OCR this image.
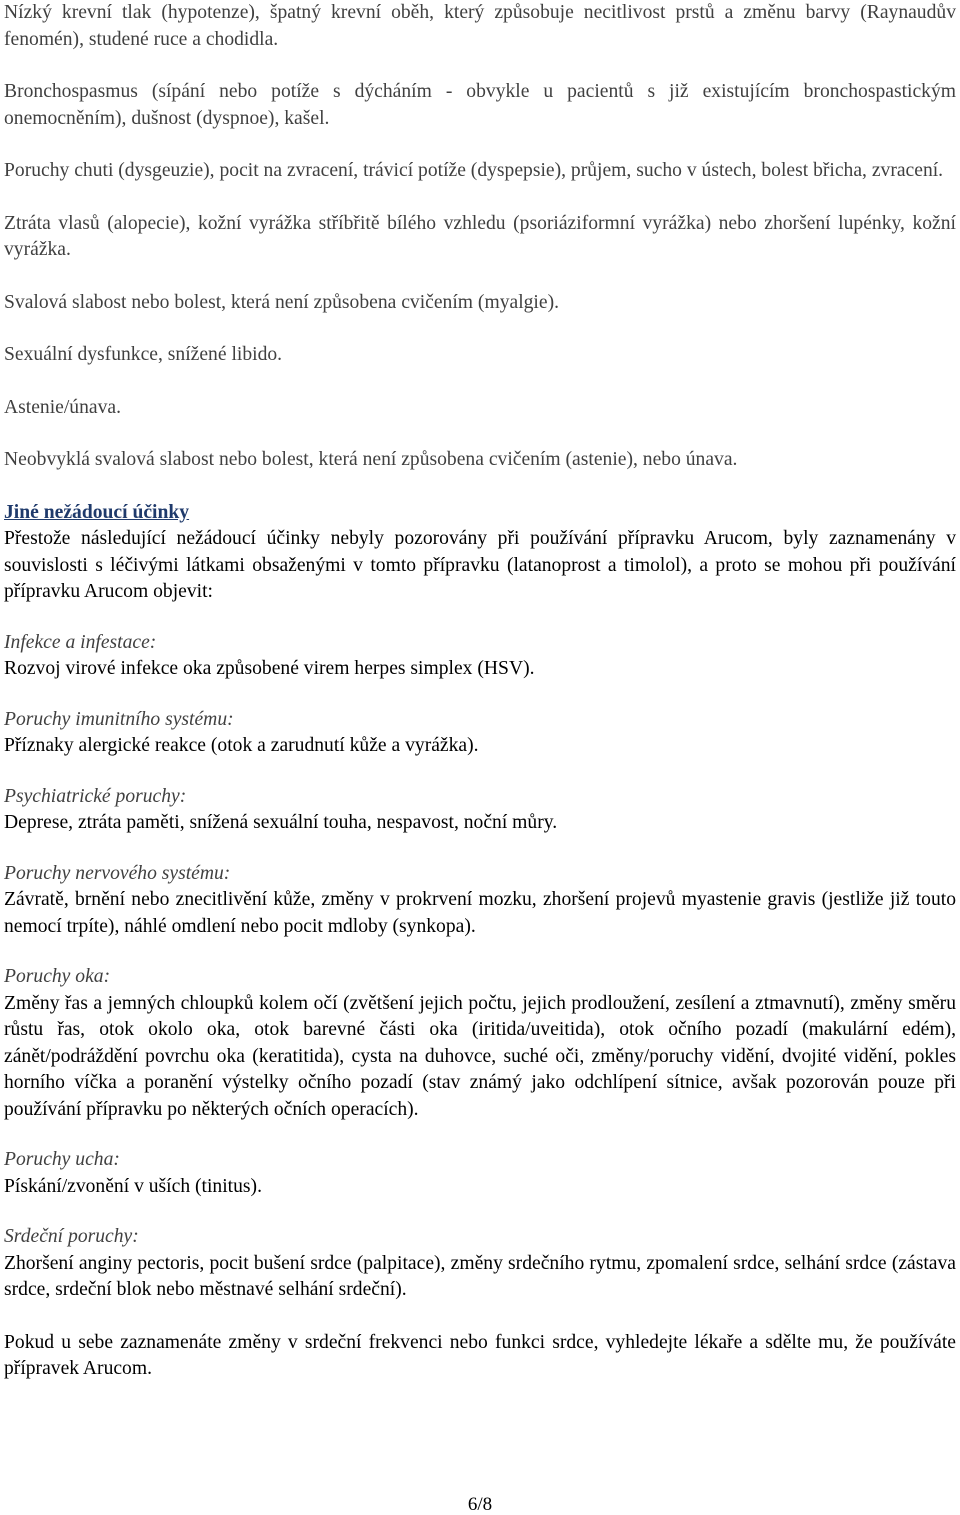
Nízký krevní tlak (hypotenze), špatný krevní oběh, který způsobuje necitlivost prstů a změnu barvy (Raynaudův fenomén), studené ruce a chodidla.

Bronchospasmus (sípání nebo potíže s dýcháním - obvykle u pacientů s již existujícím bronchospastickým onemocněním), dušnost (dyspnoe), kašel.

Poruchy chuti (dysgeuzie), pocit na zvracení, trávicí potíže (dyspepsie), průjem, sucho v ústech, bolest břicha, zvracení.

Ztráta vlasů (alopecie), kožní vyrážka stříbřitě bílého vzhledu (psoriáziformní vyrážka) nebo zhoršení lupénky, kožní vyrážka.

Svalová slabost nebo bolest, která není způsobena cvičením (myalgie).

Sexuální dysfunkce, snížené libido.

Astenie/únava.

Neobvyklá svalová slabost nebo bolest, která není způsobena cvičením (astenie), nebo únava.

Jiné nežádoucí účinky

Přestože následující nežádoucí účinky nebyly pozorovány při používání přípravku Arucom, byly zaznamenány v souvislosti s léčivými látkami obsaženými v tomto přípravku (latanoprost a timolol), a proto se mohou při používání přípravku Arucom objevit:

Infekce a infestace:

Rozvoj virové infekce oka způsobené virem herpes simplex (HSV).

Poruchy imunitního systému:

Příznaky alergické reakce (otok a zarudnutí kůže a vyrážka).

Psychiatrické poruchy:

Deprese, ztráta paměti, snížená sexuální touha, nespavost, noční můry.

Poruchy nervového systému:

Závratě, brnění nebo znecitlivění kůže, změny v prokrvení mozku, zhoršení projevů myastenie gravis (jestliže již touto nemocí trpíte), náhlé omdlení nebo pocit mdloby (synkopa).

Poruchy oka:

Změny řas a jemných chloupků kolem očí (zvětšení jejich počtu, jejich prodloužení, zesílení a ztmavnutí), změny směru růstu řas, otok okolo oka, otok barevné části oka (iritida/uveitida), otok očního pozadí (makulární edém), zánět/podráždění povrchu oka (keratitida), cysta na duhovce, suché oči, změny/poruchy vidění, dvojité vidění, pokles horního víčka a poranění výstelky očního pozadí (stav známý jako odchlípení sítnice, avšak pozorován pouze při používání přípravku po některých očních operacích).

Poruchy ucha:

Pískání/zvonění v uších (tinitus).

Srdeční poruchy:

Zhoršení anginy pectoris, pocit bušení srdce (palpitace), změny srdečního rytmu, zpomalení srdce, selhání srdce (zástava srdce, srdeční blok nebo městnavé selhání srdeční).

Pokud u sebe zaznamenáte změny v srdeční frekvenci nebo funkci srdce, vyhledejte lékaře a sdělte mu, že používáte přípravek Arucom.

6/8
